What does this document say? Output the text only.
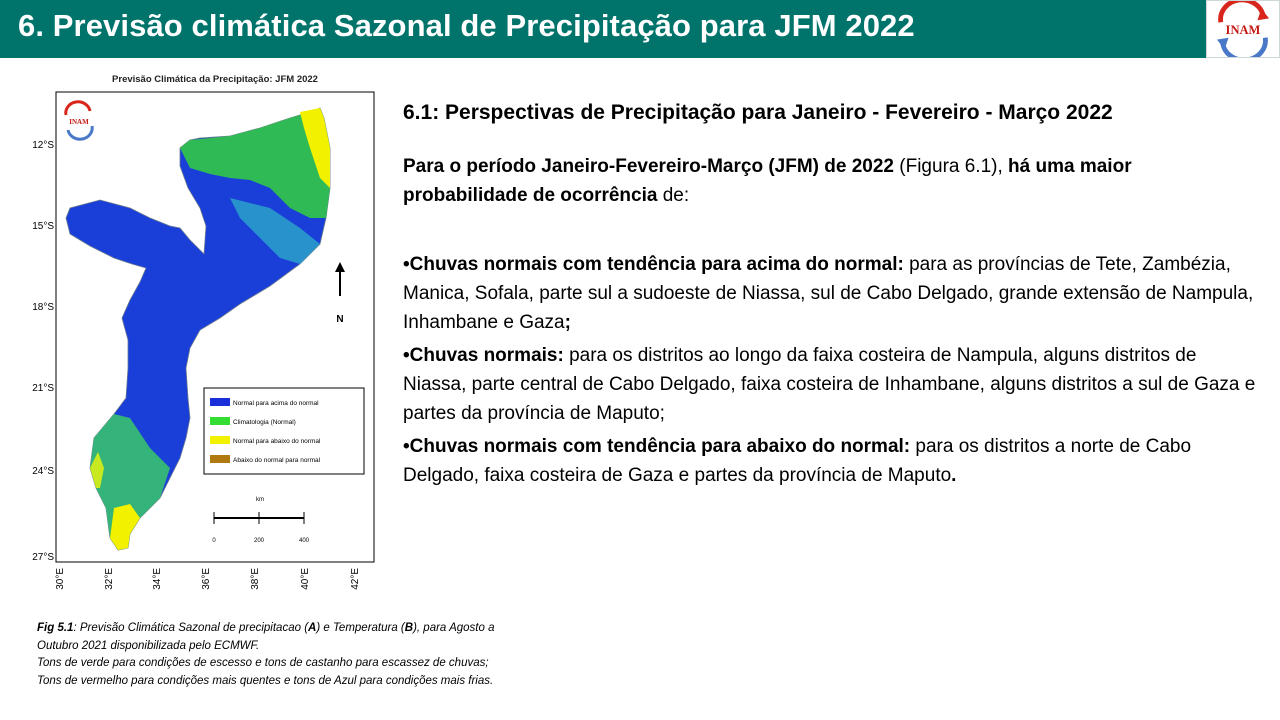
6. Previsão climática Sazonal de Precipitação para JFM 2022	INAM
Previsão Climática da Precipitação: JFM 2022
INAM
12°S
15°S
18°S
21°S
24°S
27°S
30°E	32°E	34°E	36°E	38°E	40°E	42°E
N
Normal para acima do normal
Climatologia (Normal)
Normal para abaixo do normal
Abaixo do normal para normal
km
0	200	400
6.1: Perspectivas de Precipitação para Janeiro - Fevereiro - Março 2022
Para o período Janeiro-Fevereiro-Março (JFM) de 2022 (Figura 6.1), há uma maior probabilidade de ocorrência de:
•Chuvas normais com tendência para acima do normal: para as províncias de Tete, Zambézia, Manica, Sofala, parte sul a sudoeste de Niassa, sul de Cabo Delgado, grande extensão de Nampula, Inhambane e Gaza;
•Chuvas normais: para os distritos ao longo da faixa costeira de Nampula, alguns distritos de Niassa, parte central de Cabo Delgado, faixa costeira de Inhambane, alguns distritos a sul de Gaza e partes da província de Maputo;
•Chuvas normais com tendência para abaixo do normal: para os distritos a norte de Cabo Delgado, faixa costeira de Gaza e partes da província de Maputo.
Fig 5.1: Previsão Climática Sazonal de precipitacao (A) e Temperatura (B), para Agosto a
Outubro 2021 disponibilizada pelo ECMWF.
Tons de verde para condições de escesso e tons de castanho para escassez de chuvas;
Tons de vermelho para condições mais quentes e tons de Azul para condições mais frias.
